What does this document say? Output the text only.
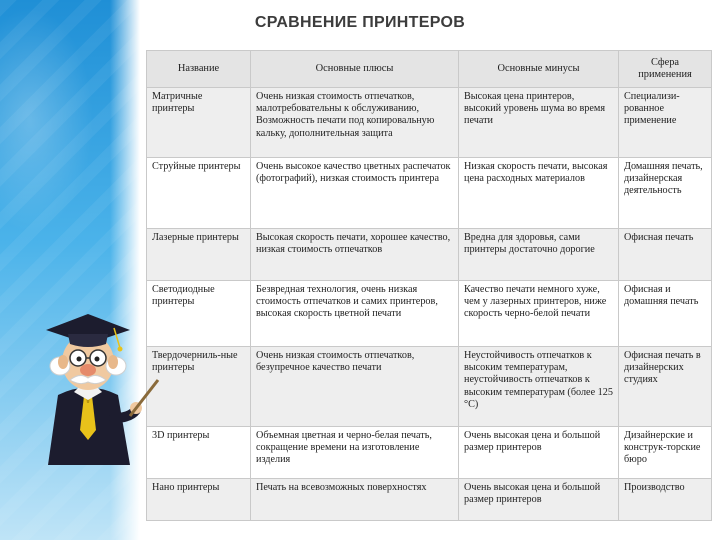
СРАВНЕНИЕ ПРИНТЕРОВ
Название	Основные плюсы	Основные минусы	Сфера применения
Матричные принтеры	Очень низкая стоимость отпечатков, малотребовательны к обслуживанию, Возможность печати под копировальную кальку, дополнительная защита	Высокая цена принтеров, высокий уровень шума во время печати	Специализи-рованное применение
Струйные принтеры	Очень высокое качество цветных распечаток (фотографий), низкая стоимость принтера	Низкая скорость печати, высокая цена расходных материалов	Домашняя печать, дизайнерская деятельность
Лазерные принтеры	Высокая скорость печати, хорошее качество, низкая стоимость отпечатков	Вредна для здоровья, сами принтеры достаточно дорогие	Офисная печать
Светодиодные принтеры	Безвредная технология, очень низкая стоимость отпечатков и самих принтеров, высокая скорость цветной печати	Качество печати немного хуже, чем у лазерных принтеров, ниже скорость черно-белой печати	Офисная и домашняя печать
Твердочерниль-ные принтеры	Очень низкая стоимость отпечатков, безупречное качество печати	Неустойчивость отпечатков к высоким температурам, неустойчивость отпечатков к высоким температурам (более 125 °C)	Офисная печать в дизайнерских студиях
3D принтеры	Объемная цветная и черно-белая печать, сокращение времени на изготовление изделия	Очень высокая цена и большой размер принтеров	Дизайнерские и конструк-торские бюро
Нано принтеры	Печать на всевозможных поверхностях	Очень высокая цена и большой размер принтеров	Производство
